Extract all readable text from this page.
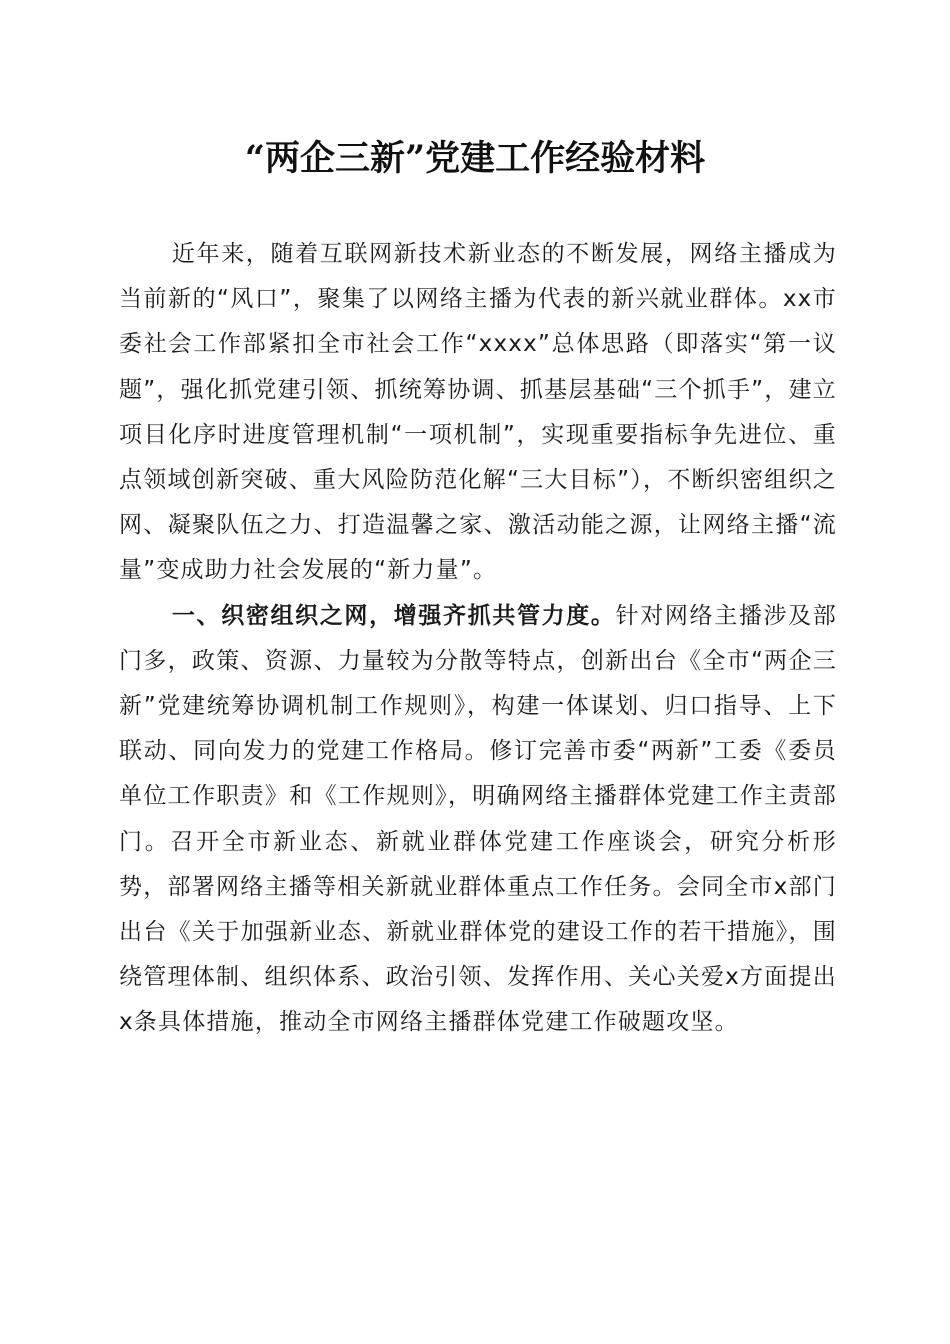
“两企三新”党建工作经验材料

近年来，随着互联网新技术新业态的不断发展，网络主播成为当前新的“风口”，聚集了以网络主播为代表的新兴就业群体。xx市委社会工作部紧扣全市社会工作“xxxx”总体思路（即落实“第一议题”，强化抓党建引领、抓统筹协调、抓基层基础“三个抓手”，建立项目化序时进度管理机制“一项机制”，实现重要指标争先进位、重点领域创新突破、重大风险防范化解“三大目标”），不断织密组织之网、凝聚队伍之力、打造温馨之家、激活动能之源，让网络主播“流量”变成助力社会发展的“新力量”。

一、织密组织之网，增强齐抓共管力度。针对网络主播涉及部门多，政策、资源、力量较为分散等特点，创新出台《全市“两企三新”党建统筹协调机制工作规则》，构建一体谋划、归口指导、上下联动、同向发力的党建工作格局。修订完善市委“两新”工委《委员单位工作职责》和《工作规则》，明确网络主播群体党建工作主责部门。召开全市新业态、新就业群体党建工作座谈会，研究分析形势，部署网络主播等相关新就业群体重点工作任务。会同全市x部门出台《关于加强新业态、新就业群体党的建设工作的若干措施》，围绕管理体制、组织体系、政治引领、发挥作用、关心关爱x方面提出x条具体措施，推动全市网络主播群体党建工作破题攻坚。
